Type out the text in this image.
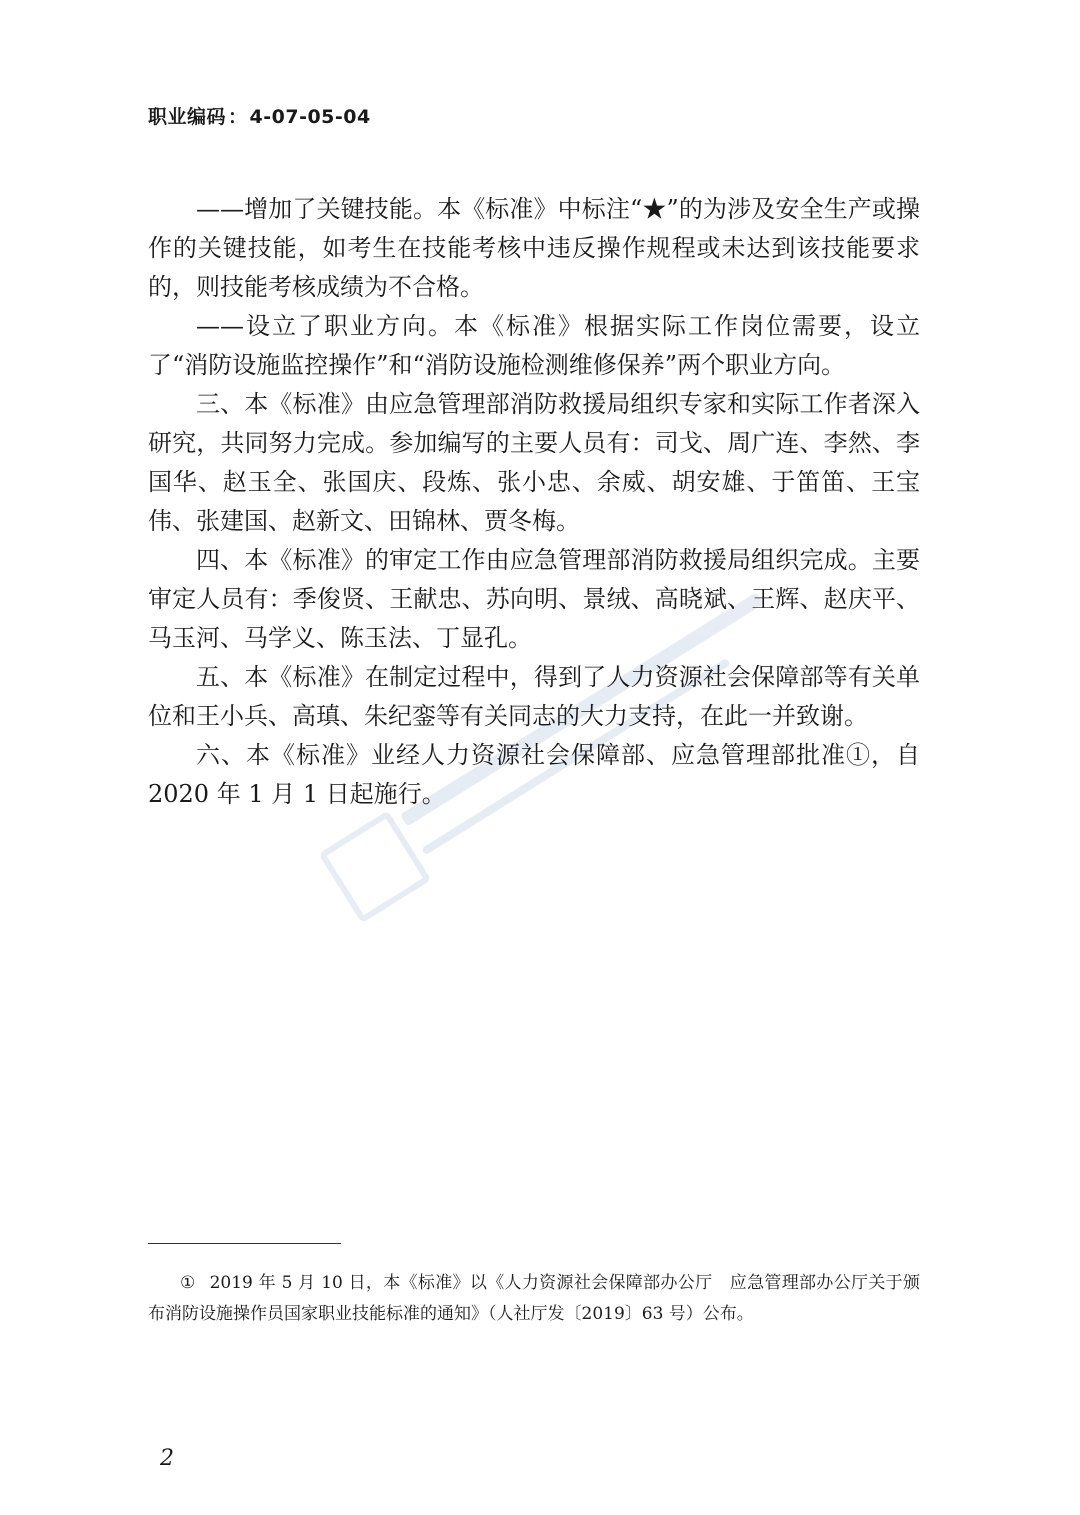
职业编码 ： 4-07-05-04

——增加了关键技能。本《标准》中标注“★”的为涉及安全生产或操作的关键技能，如考生在技能考核中违反操作规程或未达到该技能要求的，则技能考核成绩为不合格。

——设立了职业方向。本《标准》根据实际工作岗位需要，设立了“消防设施监控操作”和“消防设施检测维修保养”两个职业方向。

三、本《标准》由应急管理部消防救援局组织专家和实际工作者深入研究，共同努力完成。参加编写的主要人员有：司戈、周广连、李然、李国华、赵玉全、张国庆、段炼、张小忠、余威、胡安雄、于笛笛、王宝伟、张建国、赵新文、田锦林、贾冬梅。

四、本《标准》的审定工作由应急管理部消防救援局组织完成。主要审定人员有：季俊贤、王献忠、苏向明、景绒、高晓斌、王辉、赵庆平、马玉河、马学义、陈玉法、丁显孔。

五、本《标准》在制定过程中，得到了人力资源社会保障部等有关单位和王小兵、高瑱、朱纪銮等有关同志的大力支持，在此一并致谢。

六、本《标准》业经人力资源社会保障部、应急管理部批准①，自 2020 年 1 月 1 日起施行。

① 2019 年 5 月 10 日，本《标准》以《人力资源社会保障部办公厅　应急管理部办公厅关于颁布消防设施操作员国家职业技能标准的通知》（人社厅发〔2019〕63 号）公布。
2
